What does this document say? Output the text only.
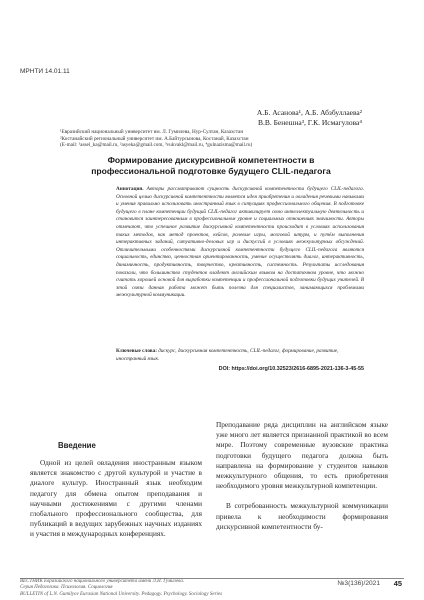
МРНТИ 14.01.11
А.Б. Асанова¹, А.Б. Абзбуллаева²
В.В. Бенешна³, Г.К. Исмагулова⁴
¹Евразийский национальный университет им. Л. Гумилева, Нур-Султан, Казахстан
²Костанайский региональный университет им. А.Байтурсынова, Костанай, Казахстан
(E-mail: ¹assel_ka@mail.ru, ²asyeka@gmail.com, ³vukvakl@mail.ru, ⁴gulnazisma@mail.ru)
Формирование дискурсивной компетентности в
профессиональной подготовке будущего CLIL-педагога
Аннотация. Авторы рассматривают сущность дискурсивной компетентности будущего CLIL-педагога. Основной целью дискурсивной компетентности является идея приобретения и овладения речевыми навыками и умения правильно использовать иностранный язык в ситуациях профессионального общения. В подготовке будущего в плане компетенции будущий CLIL-педагог активизирует свою интеллектуальную деятельность и становится заинтересованным в профессиональном уровне и социальных отношениях значимости. Авторы отмечают, что успешное развитие дискурсивной компетентности происходит в условиях использования таких методов, как метод проектов, кейсов, ролевые игры, мозговой штурм, и путём выполнения интерактивных заданий, ситуативно-деловых игр и дискуссий в условиях межкультурных обсуждений. Отличительными особенностями дискурсивной компетентности будущего CLIL-педагога являются социальность, единство, ценностная ориентированность, умение осуществлять диалог, интерактивность, динамичность, продуктивность, творчество, креативность, системность. Результаты исследования показали, что большинство студентов владеют английским языком на достаточном уровне, что можно считать хорошей основой для выработки компетенции и профессиональной подготовки будущих учителей. В этой связи данная работа может быть полезна для специалистов, занимающихся проблемами межкультурной коммуникации.
Ключевые слова: дискурс, дискурсивная компетентность, CLIL-педагог, формирование, развитие, иностранный язык.
DOI: https://doi.org/10.32523/2616-6895-2021-136-3-45-55
Введение
Одной из целей овладения иностранным языком является знакомство с другой культурой и участие в диалоге культур. Иностранный язык необходим педагогу для обмена опытом преподавания и научными достижениями с другими членами глобального профессионального сообщества, для публикаций в ведущих зарубежных научных изданиях и участия в международных конференциях.

Преподавание ряда дисциплин на английском языке уже много лет является признанной практикой во всем мире. Поэтому современные вузовские практика подготовки будущего педагога должна быть направлена на формирование у студентов навыков межкультурного общения, то есть приобретения необходимого уровня межкультурной компетенции.

В сотребованность межкультурной коммуникации привела к необходимости формирования дискурсивной компетентности бу-

ВЕСТНИК Евразийского национального университета имени Л.Н. Гумилева.
Серия Педагогика. Психология. Социология
BULLETIN of L.N. Gumilyov Eurasian National University. Pedagogy. Psychology. Sociology Series
№3(136)/2021 45
